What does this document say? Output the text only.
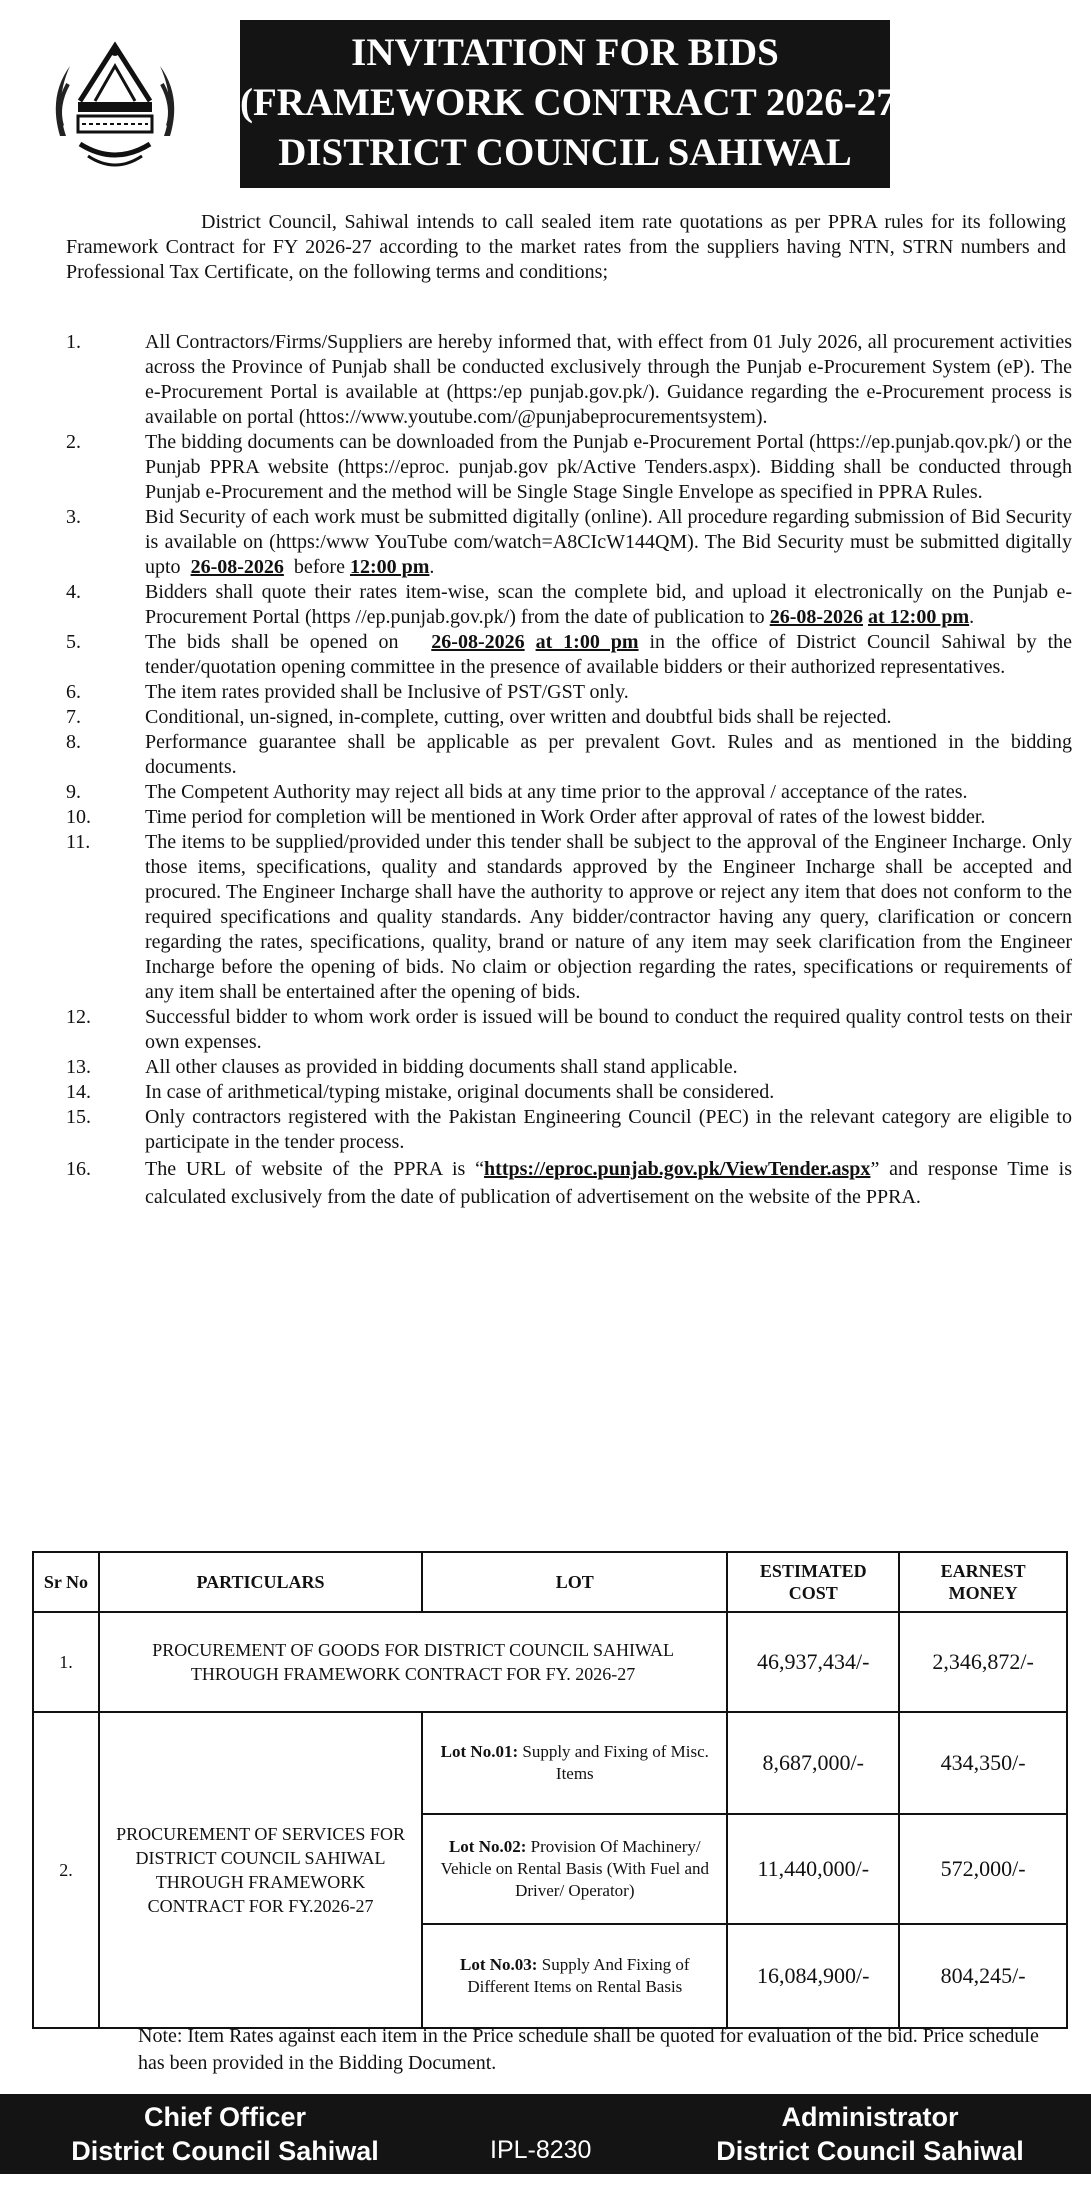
INVITATION FOR BIDS
(FRAMEWORK CONTRACT 2026-27)
DISTRICT COUNCIL SAHIWAL
District Council, Sahiwal intends to call sealed item rate quotations as per PPRA rules for its following Framework Contract for FY 2026-27 according to the market rates from the suppliers having NTN, STRN numbers and Professional Tax Certificate, on the following terms and conditions;
1.	All Contractors/Firms/Suppliers are hereby informed that, with effect from 01 July 2026, all procurement activities across the Province of Punjab shall be conducted exclusively through the Punjab e-Procurement System (eP). The e-Procurement Portal is available at (https:/ep punjab.gov.pk/). Guidance regarding the e-Procurement process is available on portal (httos://www.youtube.com/@punjabeprocurementsystem).
2.	The bidding documents can be downloaded from the Punjab e-Procurement Portal (https://ep.punjab.qov.pk/) or the Punjab PPRA website (https://eproc. punjab.gov pk/Active Tenders.aspx). Bidding shall be conducted through Punjab e-Procurement and the method will be Single Stage Single Envelope as specified in PPRA Rules.
3.	Bid Security of each work must be submitted digitally (online). All procedure regarding submission of Bid Security is available on (https:/www YouTube com/watch=A8CIcW144QM). The Bid Security must be submitted digitally upto 26-08-2026 before 12:00 pm.
4.	Bidders shall quote their rates item-wise, scan the complete bid, and upload it electronically on the Punjab e-Procurement Portal (https //ep.punjab.gov.pk/) from the date of publication to 26-08-2026 at 12:00 pm.
5.	The bids shall be opened on 26-08-2026 at 1:00 pm in the office of District Council Sahiwal by the tender/quotation opening committee in the presence of available bidders or their authorized representatives.
6.	The item rates provided shall be Inclusive of PST/GST only.
7.	Conditional, un-signed, in-complete, cutting, over written and doubtful bids shall be rejected.
8.	Performance guarantee shall be applicable as per prevalent Govt. Rules and as mentioned in the bidding documents.
9.	The Competent Authority may reject all bids at any time prior to the approval / acceptance of the rates.
10.	Time period for completion will be mentioned in Work Order after approval of rates of the lowest bidder.
11.	The items to be supplied/provided under this tender shall be subject to the approval of the Engineer Incharge. Only those items, specifications, quality and standards approved by the Engineer Incharge shall be accepted and procured. The Engineer Incharge shall have the authority to approve or reject any item that does not conform to the required specifications and quality standards. Any bidder/contractor having any query, clarification or concern regarding the rates, specifications, quality, brand or nature of any item may seek clarification from the Engineer Incharge before the opening of bids. No claim or objection regarding the rates, specifications or requirements of any item shall be entertained after the opening of bids.
12.	Successful bidder to whom work order is issued will be bound to conduct the required quality control tests on their own expenses.
13.	All other clauses as provided in bidding documents shall stand applicable.
14.	In case of arithmetical/typing mistake, original documents shall be considered.
15.	Only contractors registered with the Pakistan Engineering Council (PEC) in the relevant category are eligible to participate in the tender process.
16.	The URL of website of the PPRA is “https://eproc.punjab.gov.pk/ViewTender.aspx” and response Time is calculated exclusively from the date of publication of advertisement on the website of the PPRA.
Sr No	PARTICULARS	LOT	ESTIMATED COST	EARNEST MONEY
1.	PROCUREMENT OF GOODS FOR DISTRICT COUNCIL SAHIWAL THROUGH FRAMEWORK CONTRACT FOR FY. 2026-27		46,937,434/-	2,346,872/-
2.	PROCUREMENT OF SERVICES FOR DISTRICT COUNCIL SAHIWAL THROUGH FRAMEWORK CONTRACT FOR FY.2026-27	Lot No.01: Supply and Fixing of Misc. Items	8,687,000/-	434,350/-
		Lot No.02: Provision Of Machinery/ Vehicle on Rental Basis (With Fuel and Driver/ Operator)	11,440,000/-	572,000/-
		Lot No.03: Supply And Fixing of Different Items on Rental Basis	16,084,900/-	804,245/-
Note: Item Rates against each item in the Price schedule shall be quoted for evaluation of the bid. Price schedule has been provided in the Bidding Document.
Chief Officer
District Council Sahiwal	IPL-8230
Administrator
District Council Sahiwal
